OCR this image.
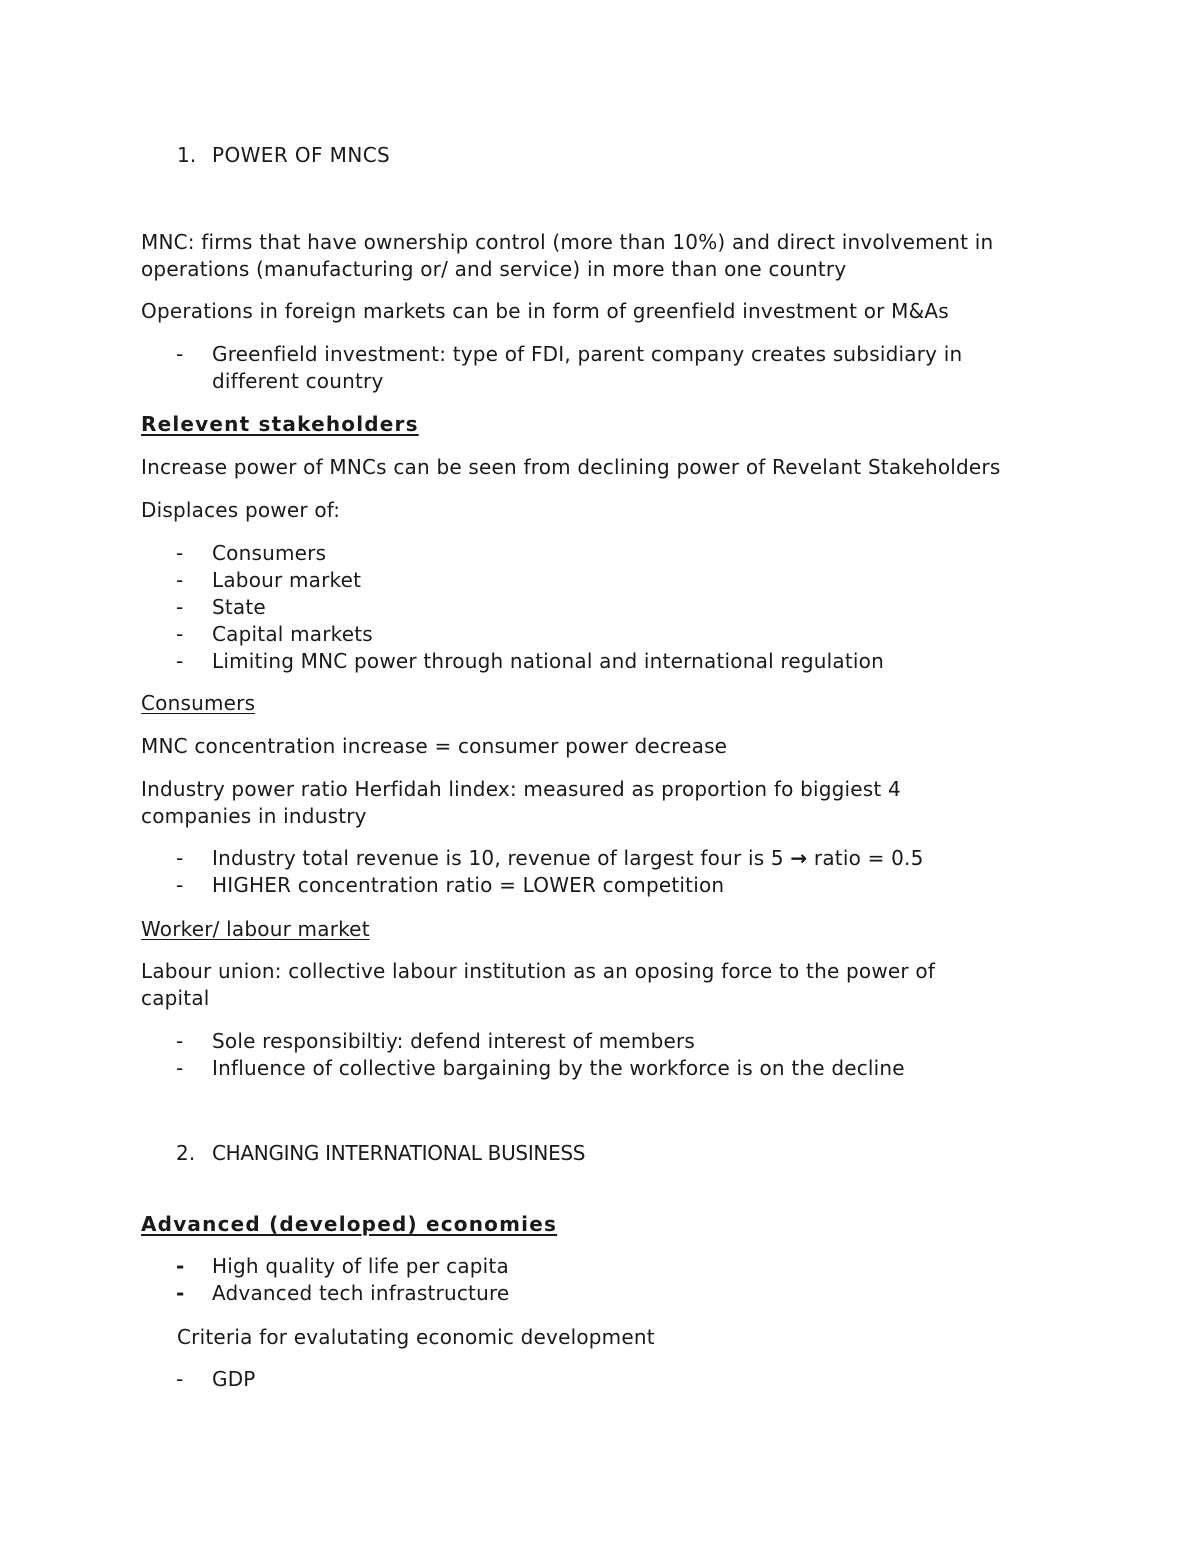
1. POWER OF MNCS

MNC: firms that have ownership control (more than 10%) and direct involvement in

operations (manufacturing or/ and service) in more than one country

Operations in foreign markets can be in form of greenfield investment or M&As

- Greenfield investment: type of FDI, parent company creates subsidiary in
different country

Relevent stakeholders

Increase power of MNCs can be seen from declining power of Revelant Stakeholders

Displaces power of:

- Consumers
- Labour market
- State
- Capital markets
- Limiting MNC power through national and international regulation

Consumers

MNC concentration increase = consumer power decrease

Industry power ratio Herfidah lindex: measured as proportion fo biggiest 4

companies in industry

- Industry total revenue is 10, revenue of largest four is 5 → ratio = 0.5
- HIGHER concentration ratio = LOWER competition

Worker/ labour market

Labour union: collective labour institution as an oposing force to the power of

capital

- Sole responsibiltiy: defend interest of members
- Influence of collective bargaining by the workforce is on the decline
2. CHANGING INTERNATIONAL BUSINESS

Advanced (developed) economies

- High quality of life per capita
- Advanced tech infrastructure

Criteria for evalutating economic development

- GDP
